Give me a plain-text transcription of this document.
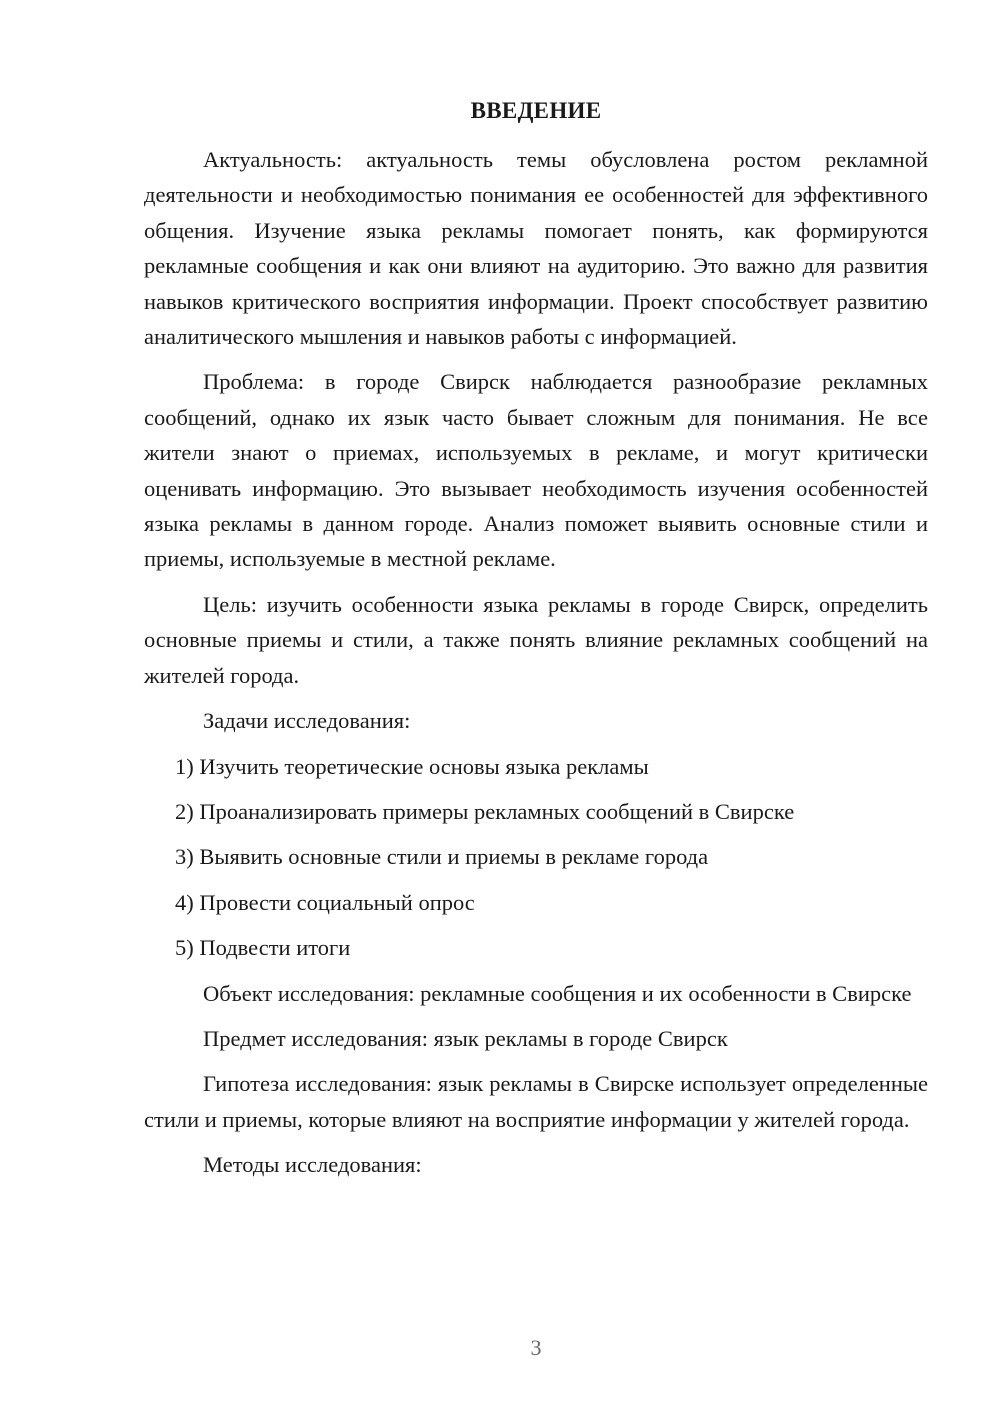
ВВЕДЕНИЕ

Актуальность: актуальность темы обусловлена ростом рекламной деятельности и необходимостью понимания ее особенностей для эффективного общения. Изучение языка рекламы помогает понять, как формируются рекламные сообщения и как они влияют на аудиторию. Это важно для развития навыков критического восприятия информации. Проект способствует развитию аналитического мышления и навыков работы с информацией.

Проблема: в городе Свирск наблюдается разнообразие рекламных сообщений, однако их язык часто бывает сложным для понимания. Не все жители знают о приемах, используемых в рекламе, и могут критически оценивать информацию. Это вызывает необходимость изучения особенностей языка рекламы в данном городе. Анализ поможет выявить основные стили и приемы, используемые в местной рекламе.

Цель: изучить особенности языка рекламы в городе Свирск, определить основные приемы и стили, а также понять влияние рекламных сообщений на жителей города.

Задачи исследования:

1) Изучить теоретические основы языка рекламы

2) Проанализировать примеры рекламных сообщений в Свирске

3) Выявить основные стили и приемы в рекламе города

4) Провести социальный опрос

5) Подвести итоги

Объект исследования: рекламные сообщения и их особенности в Свирске

Предмет исследования: язык рекламы в городе Свирск

Гипотеза исследования: язык рекламы в Свирске использует определенные стили и приемы, которые влияют на восприятие информации у жителей города.

Методы исследования:

3
